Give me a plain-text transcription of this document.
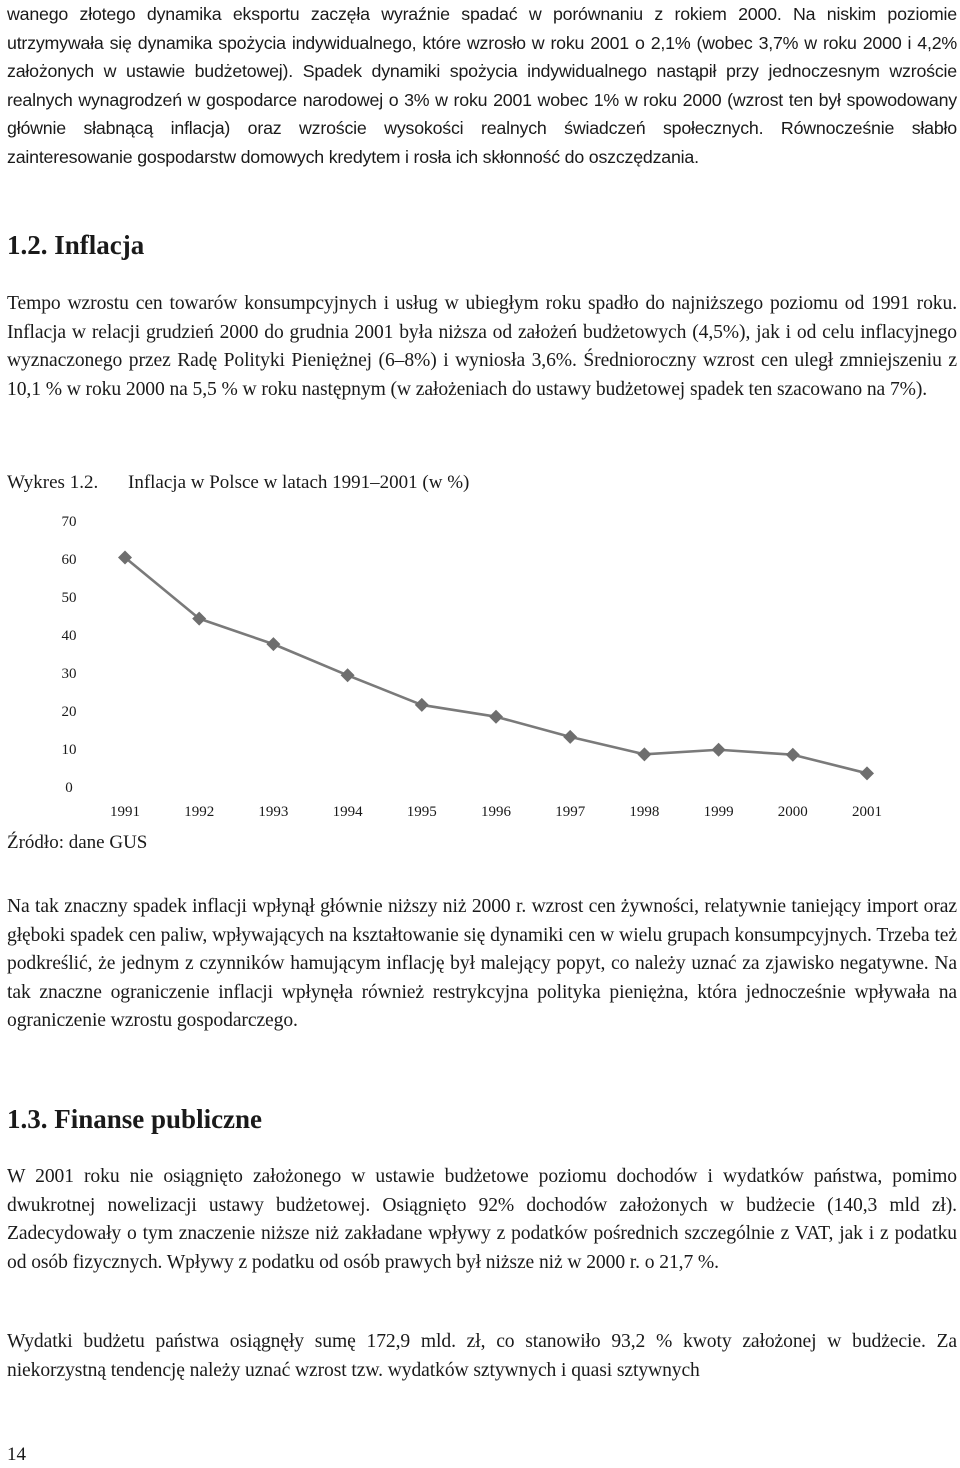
wanego złotego dynamika eksportu zaczęła wyraźnie spadać w porównaniu z rokiem 2000. Na niskim poziomie utrzymywała się dynamika spożycia indywidualnego, które wzrosło w roku 2001 o 2,1% (wobec 3,7% w roku 2000 i 4,2% założonych w ustawie budżetowej). Spadek dynamiki spożycia indywidualnego nastąpił przy jednoczesnym wzroście realnych wynagrodzeń w gospodarce narodowej o 3% w roku 2001 wobec 1% w roku 2000 (wzrost ten był spowodowany głównie słabnącą inflacja) oraz wzroście wysokości realnych świadczeń społecznych. Równocześnie słabło zainteresowanie gospodarstw domowych kredytem i rosła ich skłonność do oszczędzania.

1.2. Inflacja

Tempo wzrostu cen towarów konsumpcyjnych i usług w ubiegłym roku spadło do najniższego poziomu od 1991 roku. Inflacja w relacji grudzień 2000 do grudnia 2001 była niższa od założeń budżetowych (4,5%), jak i od celu inflacyjnego wyznaczonego przez Radę Polityki Pieniężnej (6–8%) i wyniosła 3,6%. Średnioroczny wzrost cen uległ zmniejszeniu z 10,1 % w roku 2000 na 5,5 % w roku następnym (w założeniach do ustawy budżetowej spadek ten szacowano na 7%).

Wykres 1.2. Inflacja w Polsce w latach 1991–2001 (w %)

0
10
20
30
40
50
60
70
1991	1992	1993	1994	1995	1996	1997	1998	1999	2000	2001

Źródło: dane GUS

Na tak znaczny spadek inflacji wpłynął głównie niższy niż 2000 r. wzrost cen żywności, relatywnie taniejący import oraz głęboki spadek cen paliw, wpływających na kształtowanie się dynamiki cen w wielu grupach konsumpcyjnych. Trzeba też podkreślić, że jednym z czynników hamującym inflację był malejący popyt, co należy uznać za zjawisko negatywne. Na tak znaczne ograniczenie inflacji wpłynęła również restrykcyjna polityka pieniężna, która jednocześnie wpływała na ograniczenie wzrostu gospodarczego.

1.3. Finanse publiczne

W 2001 roku nie osiągnięto założonego w ustawie budżetowe poziomu dochodów i wydatków państwa, pomimo dwukrotnej nowelizacji ustawy budżetowej. Osiągnięto 92% dochodów założonych w budżecie (140,3 mld zł). Zadecydowały o tym znaczenie niższe niż zakładane wpływy z podatków pośrednich szczególnie z VAT, jak i z podatku od osób fizycznych. Wpływy z podatku od osób prawych był niższe niż w 2000 r. o 21,7 %.

Wydatki budżetu państwa osiągnęły sumę 172,9 mld. zł, co stanowiło 93,2 % kwoty założonej w budżecie. Za niekorzystną tendencję należy uznać wzrost tzw. wydatków sztywnych i quasi sztywnych

14
